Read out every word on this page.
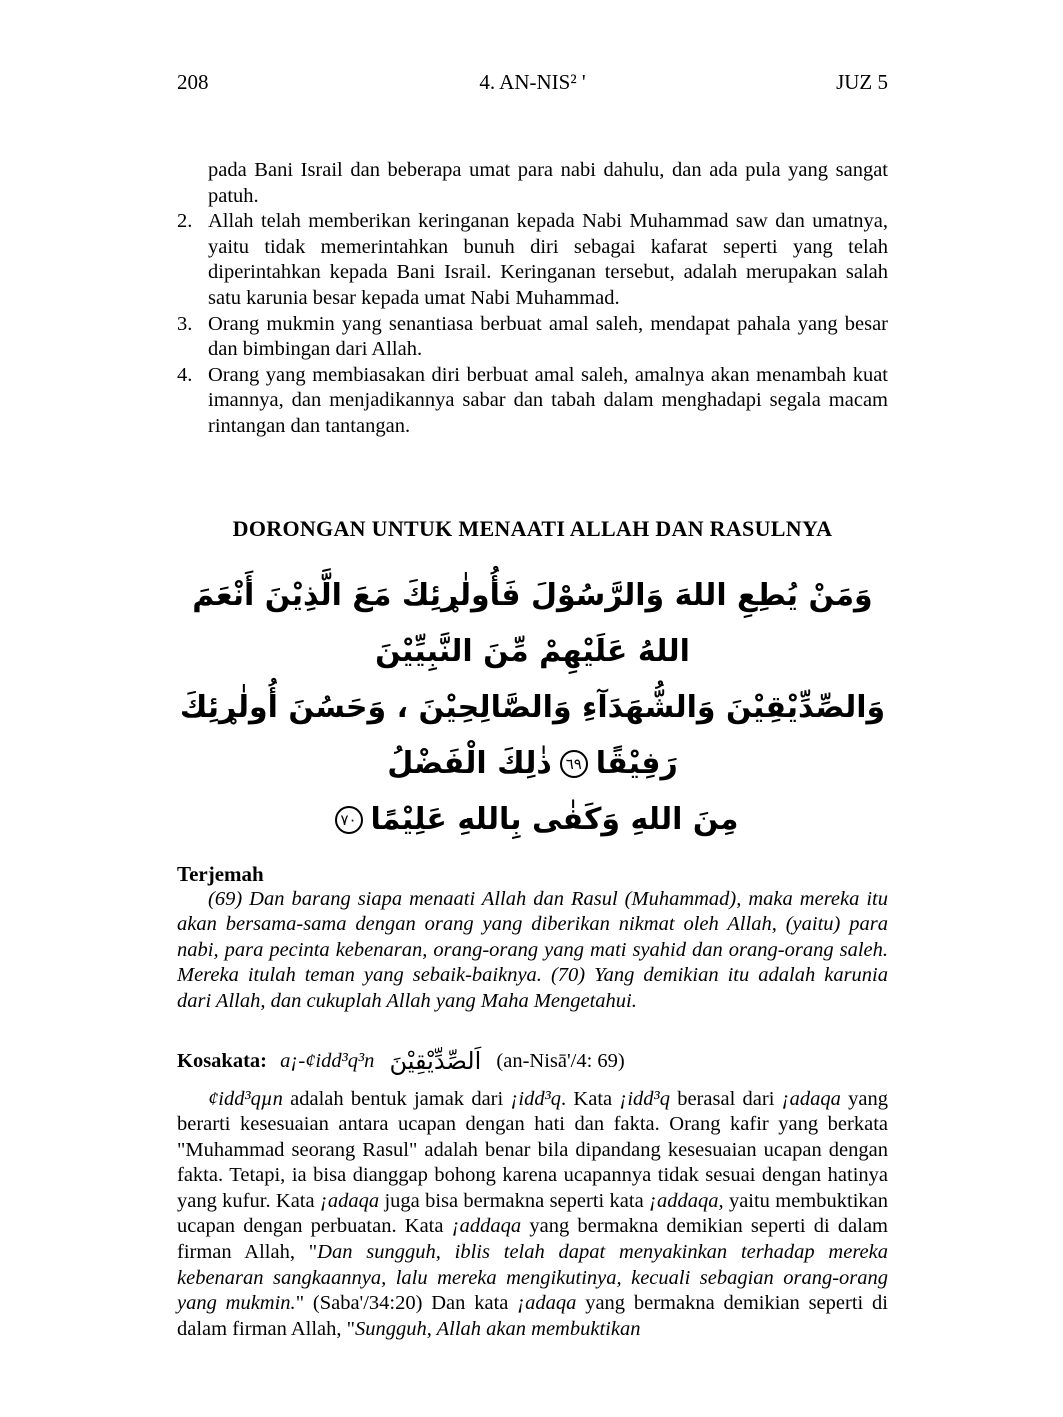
208	4. AN-NIS² '	JUZ 5
pada Bani Israil dan beberapa umat para nabi dahulu, dan ada pula yang sangat patuh.
2. Allah telah memberikan keringanan kepada Nabi Muhammad saw dan umatnya, yaitu tidak memerintahkan bunuh diri sebagai kafarat seperti yang telah diperintahkan kepada Bani Israil. Keringanan tersebut, adalah merupakan salah satu karunia besar kepada umat Nabi Muhammad.
3. Orang mukmin yang senantiasa berbuat amal saleh, mendapat pahala yang besar dan bimbingan dari Allah.
4. Orang yang membiasakan diri berbuat amal saleh, amalnya akan menambah kuat imannya, dan menjadikannya sabar dan tabah dalam menghadapi segala macam rintangan dan tantangan.
DORONGAN UNTUK MENAATI ALLAH DAN RASULNYA
وَمَنْ يُطِعِ اللهَ وَالرَّسُوْلَ فَأُولٰړئِكَ مَعَ الَّذِيْنَ أَنْعَمَ اللهُ عَلَيْهِمْ مِّنَ النَّبِيِّيْنَ
وَالصِّدِّيْقِيْنَ وَالشُّهَدَآءِ وَالصَّالِحِيْنَ ، وَحَسُنَ أُولٰړئِكَ رَفِيْقًا٦٩ذٰلِكَ الْفَضْلُ
مِنَ اللهِ وَكَفٰى بِاللهِ عَلِيْمًا٧٠
Terjemah
(69) Dan barang siapa menaati Allah dan Rasul (Muhammad), maka mereka itu akan bersama-sama dengan orang yang diberikan nikmat oleh Allah, (yaitu) para nabi, para pecinta kebenaran, orang-orang yang mati syahid dan orang-orang saleh. Mereka itulah teman yang sebaik-baiknya. (70) Yang demikian itu adalah karunia dari Allah, dan cukuplah Allah yang Maha Mengetahui.
Kosakata: a¡-¢idd³q³n اَلصِّدِّيْقِيْنَ (an-Nisā'/4: 69)
¢idd³qµn adalah bentuk jamak dari ¡idd³q. Kata ¡idd³q berasal dari ¡adaqa yang berarti kesesuaian antara ucapan dengan hati dan fakta. Orang kafir yang berkata "Muhammad seorang Rasul" adalah benar bila dipandang kesesuaian ucapan dengan fakta. Tetapi, ia bisa dianggap bohong karena ucapannya tidak sesuai dengan hatinya yang kufur. Kata ¡adaqa juga bisa bermakna seperti kata ¡addaqa, yaitu membuktikan ucapan dengan perbuatan. Kata ¡addaqa yang bermakna demikian seperti di dalam firman Allah, "Dan sungguh, iblis telah dapat menyakinkan terhadap mereka kebenaran sangkaannya, lalu mereka mengikutinya, kecuali sebagian orang-orang yang mukmin." (Saba'/34:20) Dan kata ¡adaqa yang bermakna demikian seperti di dalam firman Allah, "Sungguh, Allah akan membuktikan
